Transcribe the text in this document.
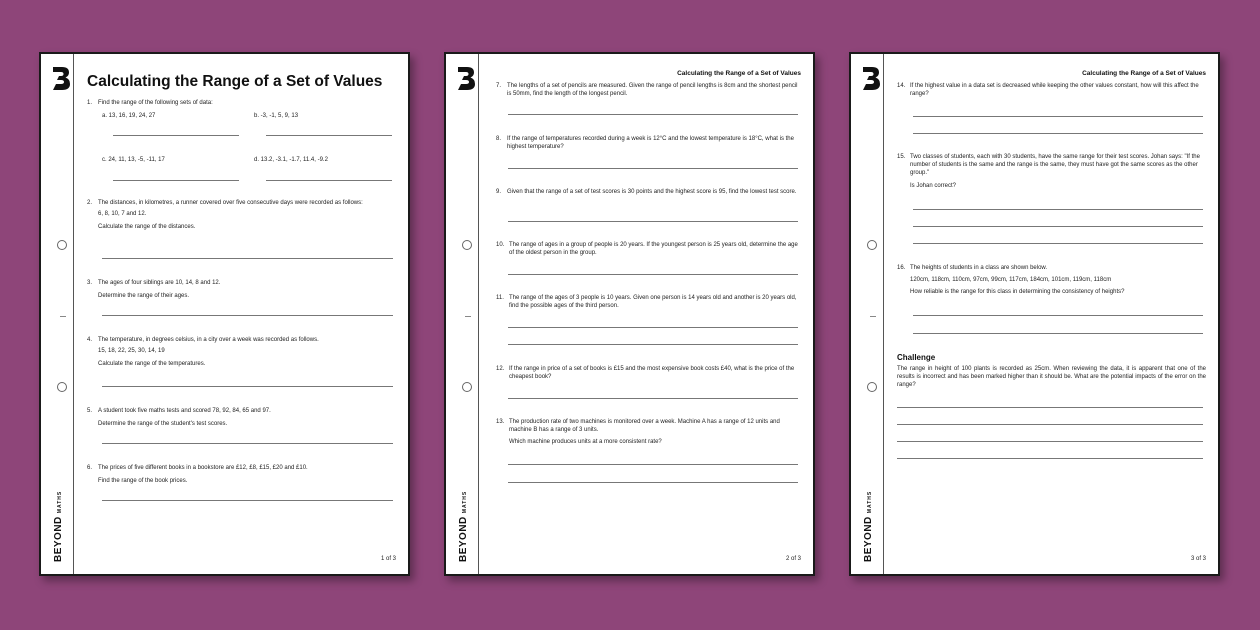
BEYONDMATHS
Calculating the Range of a Set of Values
1. Find the range of the following sets of data:
a. 13, 16, 19, 24, 27	b. -3, -1, 5, 9, 13
c. 24, 11, 13, -5, -11, 17	d. 13.2, -3.1, -1.7, 11.4, -9.2
2. The distances, in kilometres, a runner covered over five consecutive days were recorded as follows:
6, 8, 10, 7 and 12.
Calculate the range of the distances.
3. The ages of four siblings are 10, 14, 8 and 12.
Determine the range of their ages.
4. The temperature, in degrees celsius, in a city over a week was recorded as follows.
15, 18, 22, 25, 30, 14, 19
Calculate the range of the temperatures.
5. A student took five maths tests and scored 78, 92, 84, 65 and 97.
Determine the range of the student's test scores.
6. The prices of five different books in a bookstore are £12, £8, £15, £20 and £10.
Find the range of the book prices.
1 of 3	BEYONDMATHS
Calculating the Range of a Set of Values
7. The lengths of a set of pencils are measured. Given the range of pencil lengths is 8cm and the shortest pencil is 50mm, find the length of the longest pencil.
8. If the range of temperatures recorded during a week is 12°C and the lowest temperature is 18°C, what is the highest temperature?
9. Given that the range of a set of test scores is 30 points and the highest score is 95, find the lowest test score.
10. The range of ages in a group of people is 20 years. If the youngest person is 25 years old, determine the age of the oldest person in the group.
11. The range of the ages of 3 people is 10 years. Given one person is 14 years old and another is 20 years old, find the possible ages of the third person.
12. If the range in price of a set of books is £15 and the most expensive book costs £40, what is the price of the cheapest book?
13. The production rate of two machines is monitored over a week. Machine A has a range of 12 units and machine B has a range of 3 units.
Which machine produces units at a more consistent rate?
2 of 3	BEYONDMATHS
Calculating the Range of a Set of Values
14. If the highest value in a data set is decreased while keeping the other values constant, how will this affect the range?
15. Two classes of students, each with 30 students, have the same range for their test scores. Johan says: "If the number of students is the same and the range is the same, they must have got the same scores as the other group."
Is Johan correct?
16. The heights of students in a class are shown below.
120cm, 118cm, 110cm, 97cm, 99cm, 117cm, 184cm, 101cm, 119cm, 118cm
How reliable is the range for this class in determining the consistency of heights?
Challenge
The range in height of 100 plants is recorded as 25cm. When reviewing the data, it is apparent that one of the results is incorrect and has been marked higher than it should be. What are the potential impacts of the error on the range?
3 of 3
